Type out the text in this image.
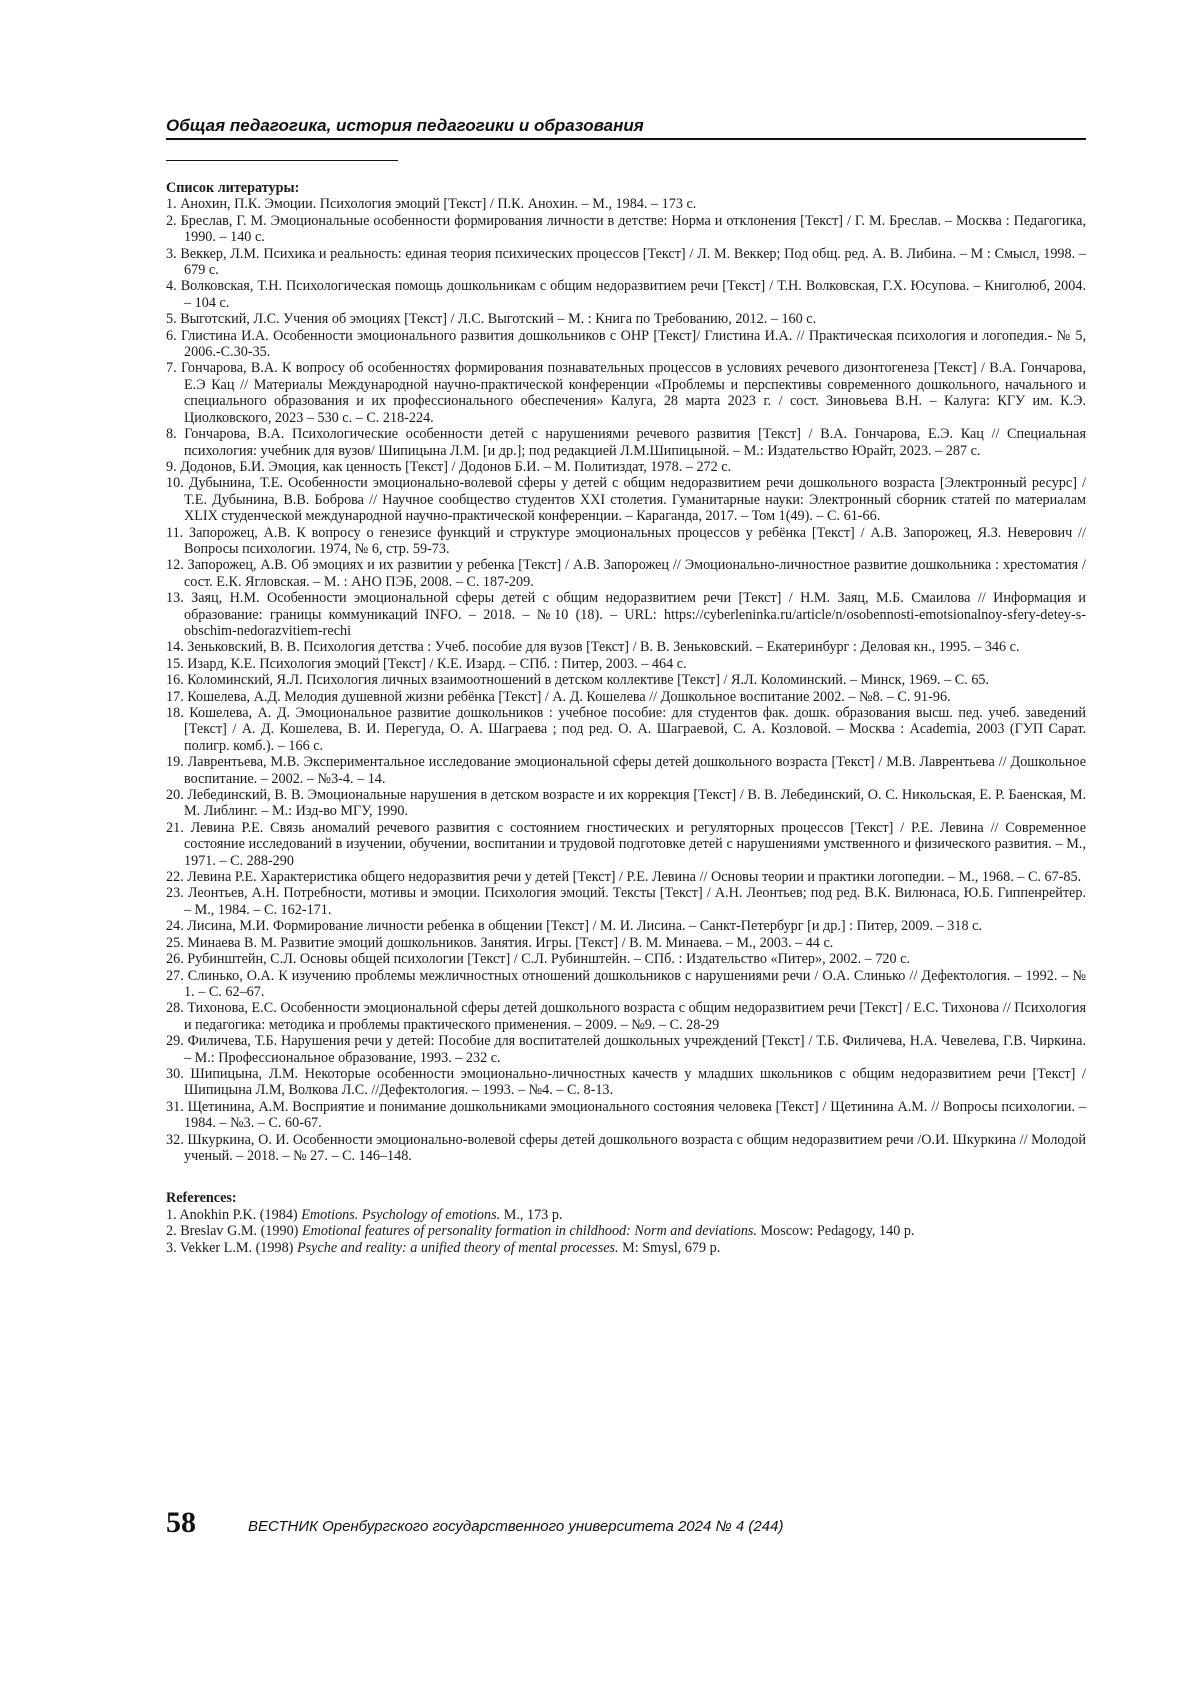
Общая педагогика, история педагогики и образования

Список литературы:

1. Анохин, П.К. Эмоции. Психология эмоций [Текст] / П.К. Анохин. – М., 1984. – 173 с.
2. Бреслав, Г. М. Эмоциональные особенности формирования личности в детстве: Норма и отклонения [Текст] / Г. М. Бреслав. – Москва : Педагогика, 1990. – 140 с.
3. Веккер, Л.М. Психика и реальность: единая теория психических процессов [Текст] / Л. М. Веккер; Под общ. ред. А. В. Либина. – М : Смысл, 1998. – 679 с.
4. Волковская, Т.Н. Психологическая помощь дошкольникам с общим недоразвитием речи [Текст] / Т.Н. Волковская, Г.Х. Юсупова. – Книголюб, 2004. – 104 с.
5. Выготский, Л.С. Учения об эмоциях [Текст] / Л.С. Выготский – М. : Книга по Требованию, 2012. – 160 с.
6. Глистина И.А. Особенности эмоционального развития дошкольников с ОНР [Текст]/ Глистина И.А. // Практическая психология и логопедия.- № 5, 2006.-С.30-35.
7. Гончарова, В.А. К вопросу об особенностях формирования познавательных процессов в условиях речевого дизонтогенеза [Текст] / В.А. Гончарова, Е.Э Кац // Материалы Международной научно-практической конференции «Проблемы и перспективы современного дошкольного, начального и специального образования и их профессионального обеспечения» Калуга, 28 марта 2023 г. / сост. Зиновьева В.Н. – Калуга: КГУ им. К.Э. Циолковского, 2023 – 530 с. – С. 218-224.
8. Гончарова, В.А. Психологические особенности детей с нарушениями речевого развития [Текст] / В.А. Гончарова, Е.Э. Кац // Специальная психология: учебник для вузов/ Шипицына Л.М. [и др.]; под редакцией Л.М.Шипицыной. – М.: Издательство Юрайт, 2023. – 287 с.
9. Додонов, Б.И. Эмоция, как ценность [Текст] / Додонов Б.И. – М. Политиздат, 1978. – 272 с.
10. Дубынина, Т.Е. Особенности эмоционально-волевой сферы у детей с общим недоразвитием речи дошкольного возраста [Электронный ресурс] / Т.Е. Дубынина, В.В. Боброва // Научное сообщество студентов XXI столетия. Гуманитарные науки: Электронный сборник статей по материалам XLIX студенческой международной научно-практической конференции. – Караганда, 2017. – Том 1(49). – С. 61-66.
11. Запорожец, А.В. К вопросу о генезисе функций и структуре эмоциональных процессов у ребёнка [Текст] / А.В. Запорожец, Я.З. Неверович // Вопросы психологии. 1974, № 6, стр. 59-73.
12. Запорожец, А.В. Об эмоциях и их развитии у ребенка [Текст] / А.В. Запорожец // Эмоционально-личностное развитие дошкольника : хрестоматия / сост. Е.К. Ягловская. – М. : АНО ПЭБ, 2008. – С. 187-209.
13. Заяц, Н.М. Особенности эмоциональной сферы детей с общим недоразвитием речи [Текст] / Н.М. Заяц, М.Б. Смаилова // Информация и образование: границы коммуникаций INFO. – 2018. – №10 (18). – URL: https://cyberleninka.ru/article/n/osobennosti-emotsionalnoy-sfery-detey-s-obschim-nedorazvitiem-rechi
14. Зеньковский, В. В. Психология детства : Учеб. пособие для вузов [Текст] / В. В. Зеньковский. – Екатеринбург : Деловая кн., 1995. – 346 с.
15. Изард, К.Е. Психология эмоций [Текст] / К.Е. Изард. – СПб. : Питер, 2003. – 464 с.
16. Коломинский, Я.Л. Психология личных взаимоотношений в детском коллективе [Текст] / Я.Л. Коломинский. – Минск, 1969. – С. 65.
17. Кошелева, А.Д. Мелодия душевной жизни ребёнка [Текст] / А. Д. Кошелева // Дошкольное воспитание 2002. – №8. – С. 91-96.
18. Кошелева, А. Д. Эмоциональное развитие дошкольников : учебное пособие: для студентов фак. дошк. образования высш. пед. учеб. заведений [Текст] / А. Д. Кошелева, В. И. Перегуда, О. А. Шаграева ; под ред. О. А. Шаграевой, С. А. Козловой. – Москва : Academia, 2003 (ГУП Сарат. полигр. комб.). – 166 с.
19. Лаврентьева, М.В. Экспериментальное исследование эмоциональной сферы детей дошкольного возраста [Текст] / М.В. Лаврентьева // Дошкольное воспитание. – 2002. – №3-4. – 14.
20. Лебединский, В. В. Эмоциональные нарушения в детском возрасте и их коррекция [Текст] / В. В. Лебединский, О. С. Никольская, Е. Р. Баенская, М. М. Либлинг. – М.: Изд-во МГУ, 1990.
21. Левина Р.Е. Связь аномалий речевого развития с состоянием гностических и регуляторных процессов [Текст] / Р.Е. Левина // Современное состояние исследований в изучении, обучении, воспитании и трудовой подготовке детей с нарушениями умственного и физического развития. – М., 1971. – С. 288-290
22. Левина Р.Е. Характеристика общего недоразвития речи у детей [Текст] / Р.Е. Левина // Основы теории и практики логопедии. – М., 1968. – С. 67-85.
23. Леонтьев, А.Н. Потребности, мотивы и эмоции. Психология эмоций. Тексты [Текст] / А.Н. Леонтьев; под ред. В.К. Вилюнаса, Ю.Б. Гиппенрейтер. – М., 1984. – С. 162-171.
24. Лисина, М.И. Формирование личности ребенка в общении [Текст] / М. И. Лисина. – Санкт-Петербург [и др.] : Питер, 2009. – 318 с.
25. Минаева В. М. Развитие эмоций дошкольников. Занятия. Игры. [Текст] / В. М. Минаева. – М., 2003. – 44 с.
26. Рубинштейн, С.Л. Основы общей психологии [Текст] / С.Л. Рубинштейн. – СПб. : Издательство «Питер», 2002. – 720 с.
27. Слинько, О.А. К изучению проблемы межличностных отношений дошкольников с нарушениями речи / О.А. Слинько // Дефектология. – 1992. – № 1. – С. 62–67.
28. Тихонова, Е.С. Особенности эмоциональной сферы детей дошкольного возраста с общим недоразвитием речи [Текст] / Е.С. Тихонова // Психология и педагогика: методика и проблемы практического применения. – 2009. – №9. – С. 28-29
29. Филичева, Т.Б. Нарушения речи у детей: Пособие для воспитателей дошкольных учреждений [Текст] / Т.Б. Филичева, Н.А. Чевелева, Г.В. Чиркина. – М.: Профессиональное образование, 1993. – 232 с.
30. Шипицына, Л.М. Некоторые особенности эмоционально-личностных качеств у младших школьников с общим недоразвитием речи [Текст] / Шипицына Л.М, Волкова Л.С. //Дефектология. – 1993. – №4. – С. 8-13.
31. Щетинина, А.М. Восприятие и понимание дошкольниками эмоционального состояния человека [Текст] / Щетинина А.М. // Вопросы психологии. – 1984. – №3. – С. 60-67.
32. Шкуркина, О. И. Особенности эмоционально-волевой сферы детей дошкольного возраста с общим недоразвитием речи /О.И. Шкуркина // Молодой ученый. – 2018. – № 27. – С. 146–148.

References:

1. Anokhin P.K. (1984) Emotions. Psychology of emotions. M., 173 p.
2. Breslav G.M. (1990) Emotional features of personality formation in childhood: Norm and deviations. Moscow: Pedagogy, 140 p.
3. Vekker L.M. (1998) Psyche and reality: a unified theory of mental processes. M: Smysl, 679 p.
58	ВЕСТНИК Оренбургского государственного университета 2024 № 4 (244)
